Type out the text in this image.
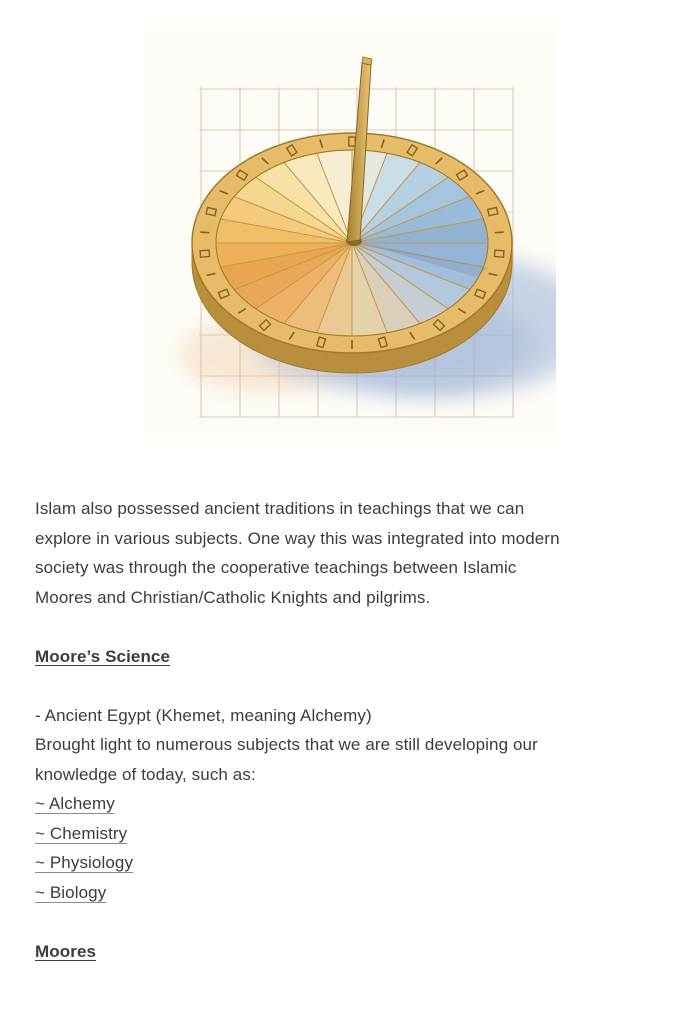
Islam also possessed ancient traditions in teachings that we can
explore in various subjects. One way this was integrated into modern
society was through the cooperative teachings between Islamic
Moores and Christian/Catholic Knights and pilgrims.

Moore’s Science

- Ancient Egypt (Khemet, meaning Alchemy)
Brought light to numerous subjects that we are still developing our
knowledge of today, such as:
~ Alchemy
~ Chemistry
~ Physiology
~ Biology

Moores
